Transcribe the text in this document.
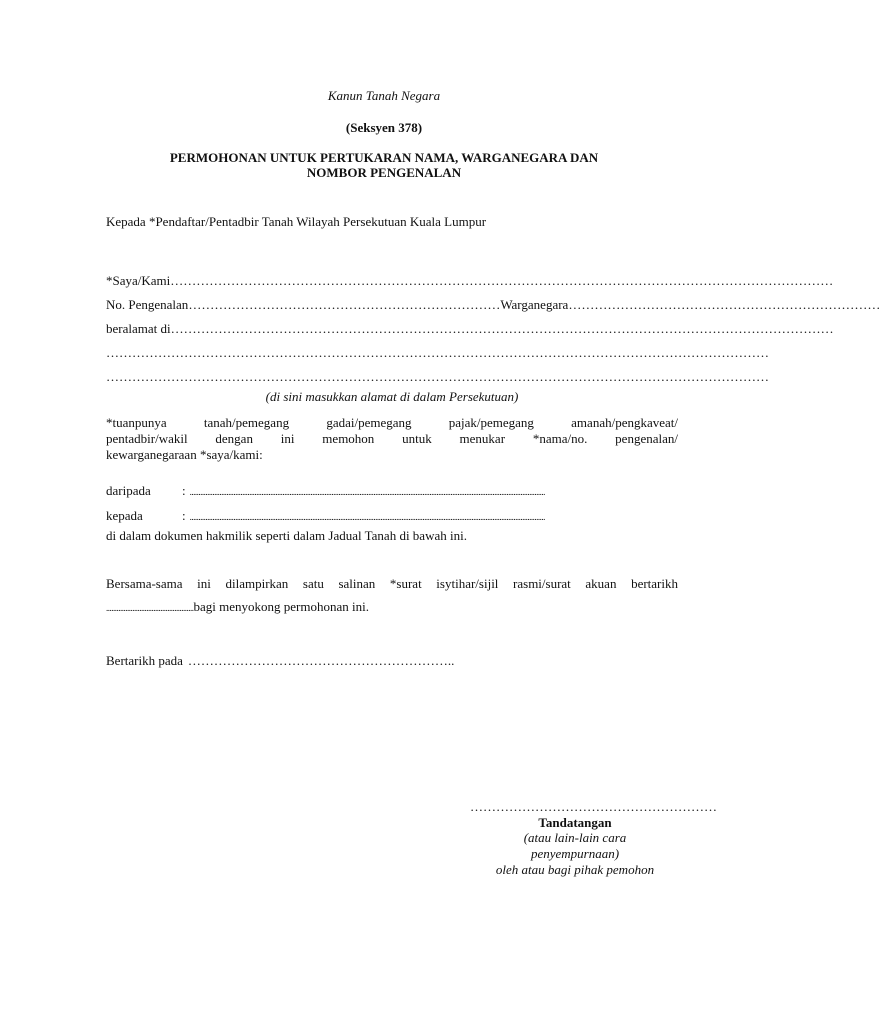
Kanun Tanah Negara
(Seksyen 378)
PERMOHONAN UNTUK PERTUKARAN NAMA, WARGANEGARA DAN
NOMBOR PENGENALAN
Kepada *Pendaftar/Pentadbir Tanah Wilayah Persekutuan Kuala Lumpur
*Saya/Kami ………………………………………………………………………………………………………………………………………
No. Pengenalan ……………………………………………………………… Warganegara ………………………………………………………………
beralamat di ………………………………………………………………………………………………………………………………………
………………………………………………………………………………………………………………………………………
………………………………………………………………………………………………………………………………………
(di sini masukkan alamat di dalam Persekutuan)
*tuanpunya tanah/pemegang gadai/pemegang pajak/pemegang amanah/pengkaveat/
pentadbir/wakil dengan ini memohon untuk menukar *nama/no. pengenalan/
kewarganegaraan *saya/kami:
daripada	: ...........................................................................................................................................................................................................
kepada	: ...........................................................................................................................................................................................................
di dalam dokumen hakmilik seperti dalam Jadual Tanah di bawah ini.
Bersama-sama ini dilampirkan satu salinan *surat isytihar/sijil rasmi/surat akuan bertarikh
.................................................. bagi menyokong permohonan ini.
Bertarikh pada ……………………………………………………..
…………………………………………………
Tandatangan
(atau lain-lain cara
penyempurnaan)
oleh atau bagi pihak pemohon
